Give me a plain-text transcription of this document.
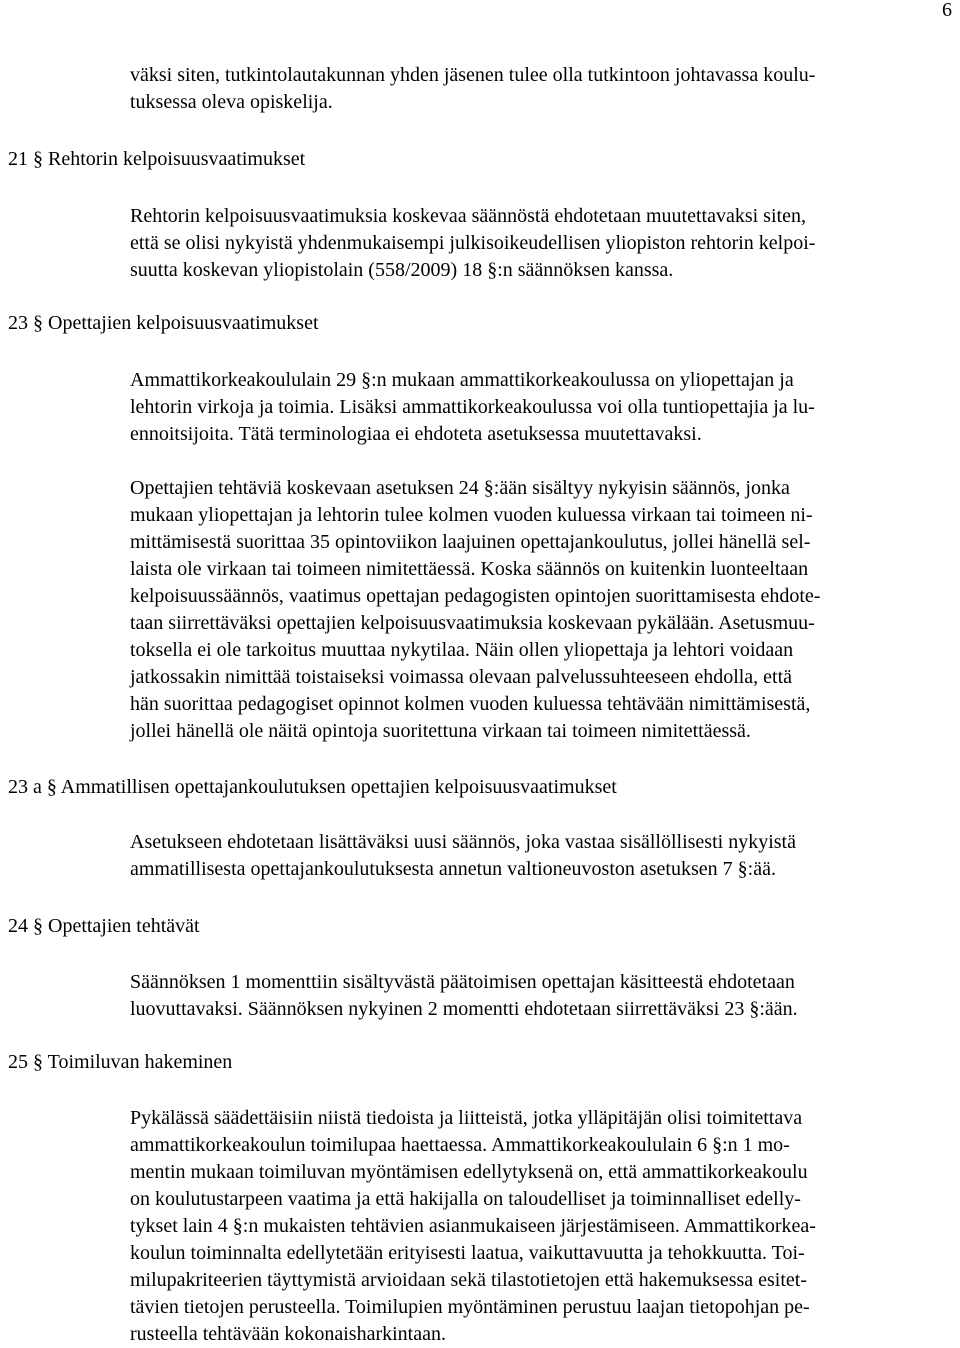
6
väksi siten, tutkintolautakunnan yhden jäsenen tulee olla tutkintoon johtavassa koulu-
tuksessa oleva opiskelija.
21 § Rehtorin kelpoisuusvaatimukset
Rehtorin kelpoisuusvaatimuksia koskevaa säännöstä ehdotetaan muutettavaksi siten,
että se olisi nykyistä yhdenmukaisempi julkisoikeudellisen yliopiston rehtorin kelpoi-
suutta koskevan yliopistolain (558/2009) 18 §:n säännöksen kanssa.
23 § Opettajien kelpoisuusvaatimukset
Ammattikorkeakoululain 29 §:n mukaan ammattikorkeakoulussa on yliopettajan ja
lehtorin virkoja ja toimia. Lisäksi ammattikorkeakoulussa voi olla tuntiopettajia ja lu-
ennoitsijoita. Tätä terminologiaa ei ehdoteta asetuksessa muutettavaksi.
Opettajien tehtäviä koskevaan asetuksen 24 §:ään sisältyy nykyisin säännös, jonka
mukaan yliopettajan ja lehtorin tulee kolmen vuoden kuluessa virkaan tai toimeen ni-
mittämisestä suorittaa 35 opintoviikon laajuinen opettajankoulutus, jollei hänellä sel-
laista ole virkaan tai toimeen nimitettäessä. Koska säännös on kuitenkin luonteeltaan
kelpoisuussäännös, vaatimus opettajan pedagogisten opintojen suorittamisesta ehdote-
taan siirrettäväksi opettajien kelpoisuusvaatimuksia koskevaan pykälään. Asetusmuu-
toksella ei ole tarkoitus muuttaa nykytilaa. Näin ollen yliopettaja ja lehtori voidaan
jatkossakin nimittää toistaiseksi voimassa olevaan palvelussuhteeseen ehdolla, että
hän suorittaa pedagogiset opinnot kolmen vuoden kuluessa tehtävään nimittämisestä,
jollei hänellä ole näitä opintoja suoritettuna virkaan tai toimeen nimitettäessä.
23 a § Ammatillisen opettajankoulutuksen opettajien kelpoisuusvaatimukset
Asetukseen ehdotetaan lisättäväksi uusi säännös, joka vastaa sisällöllisesti nykyistä
ammatillisesta opettajankoulutuksesta annetun valtioneuvoston asetuksen 7 §:ää.
24 § Opettajien tehtävät
Säännöksen 1 momenttiin sisältyvästä päätoimisen opettajan käsitteestä ehdotetaan
luovuttavaksi. Säännöksen nykyinen 2 momentti ehdotetaan siirrettäväksi 23 §:ään.
25 § Toimiluvan hakeminen
Pykälässä säädettäisiin niistä tiedoista ja liitteistä, jotka ylläpitäjän olisi toimitettava
ammattikorkeakoulun toimilupaa haettaessa. Ammattikorkeakoululain 6 §:n 1 mo-
mentin mukaan toimiluvan myöntämisen edellytyksenä on, että ammattikorkeakoulu
on koulutustarpeen vaatima ja että hakijalla on taloudelliset ja toiminnalliset edelly-
tykset lain 4 §:n mukaisten tehtävien asianmukaiseen järjestämiseen. Ammattikorkea-
koulun toiminnalta edellytetään erityisesti laatua, vaikuttavuutta ja tehokkuutta. Toi-
milupakriteerien täyttymistä arvioidaan sekä tilastotietojen että hakemuksessa esitet-
tävien tietojen perusteella. Toimilupien myöntäminen perustuu laajan tietopohjan pe-
rusteella tehtävään kokonaisharkintaan.
